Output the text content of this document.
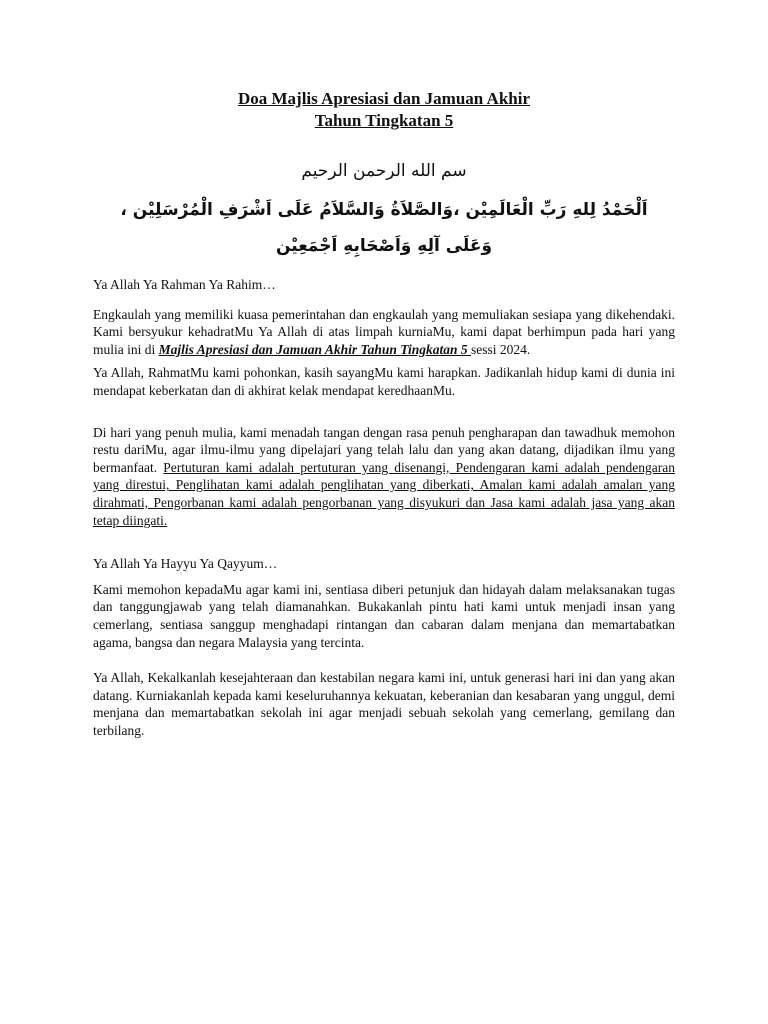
Doa Majlis Apresiasi dan Jamuan Akhir
Tahun Tingkatan 5
سم الله الرحمن الرحيم
اَلْحَمْدُ لِلهِ رَبِّ الْعَالَمِيْن ،وَالصَّلاَةُ وَالسَّلاَمُ عَلَى اَشْرَفِ الْمُرْسَلِيْن ،
وَعَلَى آلِهِ وَاَصْحَابِهِ اَجْمَعِيْن

Ya Allah Ya Rahman Ya Rahim…

Engkaulah yang memiliki kuasa pemerintahan dan engkaulah yang memuliakan sesiapa yang dikehendaki. Kami bersyukur kehadratMu Ya Allah di atas limpah kurniaMu, kami dapat berhimpun pada hari yang mulia ini di Majlis Apresiasi dan Jamuan Akhir Tahun Tingkatan 5 sessi 2024.

Ya Allah, RahmatMu kami pohonkan, kasih sayangMu kami harapkan. Jadikanlah hidup kami di dunia ini mendapat keberkatan dan di akhirat kelak mendapat keredhaanMu.

Di hari yang penuh mulia, kami menadah tangan dengan rasa penuh pengharapan dan tawadhuk memohon restu dariMu, agar ilmu-ilmu yang dipelajari yang telah lalu dan yang akan datang, dijadikan ilmu yang bermanfaat. Pertuturan kami adalah pertuturan yang disenangi, Pendengaran kami adalah pendengaran yang direstui, Penglihatan kami adalah penglihatan yang diberkati, Amalan kami adalah amalan yang dirahmati, Pengorbanan kami adalah pengorbanan yang disyukuri dan Jasa kami adalah jasa yang akan tetap diingati.

Ya Allah Ya Hayyu Ya Qayyum…

Kami memohon kepadaMu agar kami ini, sentiasa diberi petunjuk dan hidayah dalam melaksanakan tugas dan tanggungjawab yang telah diamanahkan. Bukakanlah pintu hati kami untuk menjadi insan yang cemerlang, sentiasa sanggup menghadapi rintangan dan cabaran dalam menjana dan memartabatkan agama, bangsa dan negara Malaysia yang tercinta.

Ya Allah, Kekalkanlah kesejahteraan dan kestabilan negara kami ini, untuk generasi hari ini dan yang akan datang. Kurniakanlah kepada kami keseluruhannya kekuatan, keberanian dan kesabaran yang unggul, demi menjana dan memartabatkan sekolah ini agar menjadi sebuah sekolah yang cemerlang, gemilang dan terbilang.
